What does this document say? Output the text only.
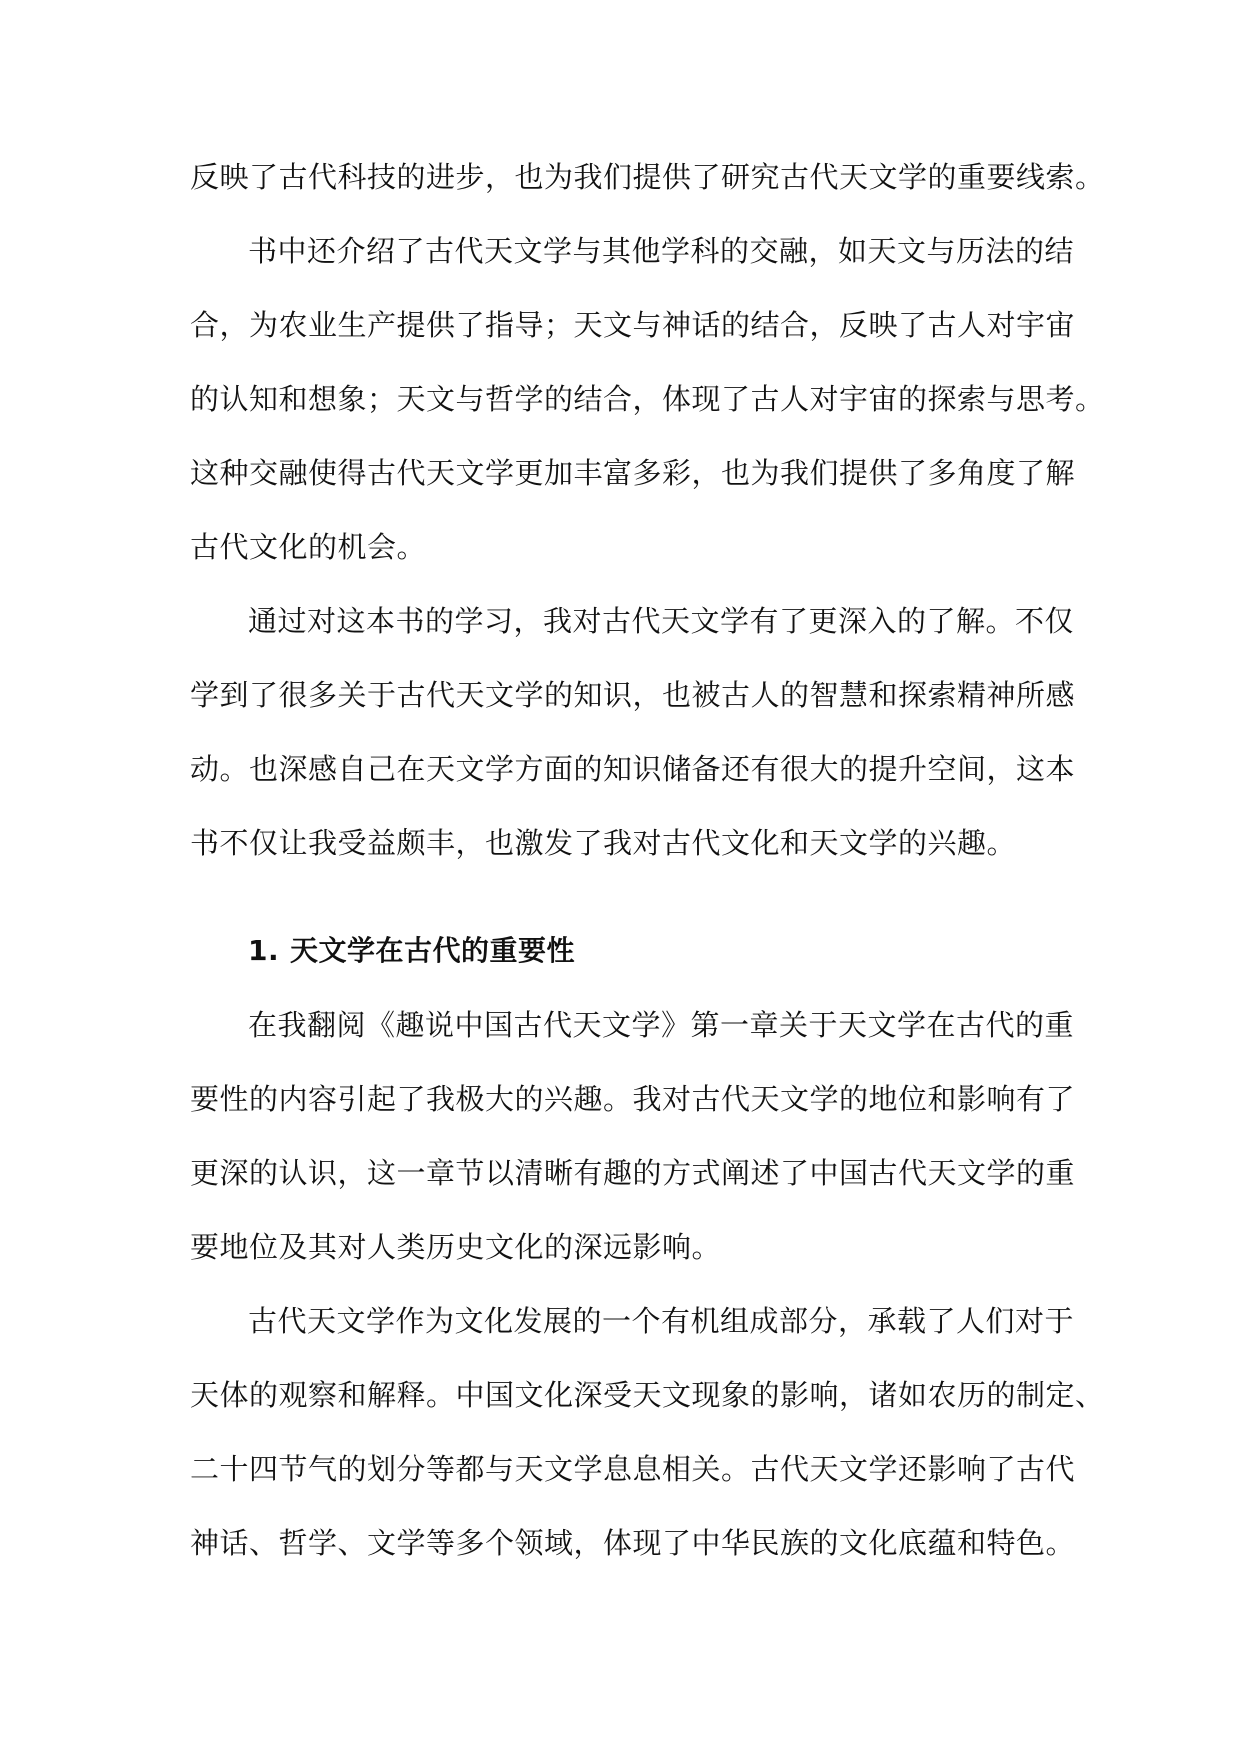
反映了古代科技的进步，也为我们提供了研究古代天文学的重要线索。
书中还介绍了古代天文学与其他学科的交融，如天文与历法的结
合，为农业生产提供了指导；天文与神话的结合，反映了古人对宇宙
的认知和想象；天文与哲学的结合，体现了古人对宇宙的探索与思考。
这种交融使得古代天文学更加丰富多彩，也为我们提供了多角度了解
古代文化的机会。
通过对这本书的学习，我对古代天文学有了更深入的了解。不仅
学到了很多关于古代天文学的知识，也被古人的智慧和探索精神所感
动。也深感自己在天文学方面的知识储备还有很大的提升空间，这本
书不仅让我受益颇丰，也激发了我对古代文化和天文学的兴趣。
1. 天文学在古代的重要性
在我翻阅《趣说中国古代天文学》第一章关于天文学在古代的重
要性的内容引起了我极大的兴趣。我对古代天文学的地位和影响有了
更深的认识，这一章节以清晰有趣的方式阐述了中国古代天文学的重
要地位及其对人类历史文化的深远影响。
古代天文学作为文化发展的一个有机组成部分，承载了人们对于
天体的观察和解释。中国文化深受天文现象的影响，诸如农历的制定、
二十四节气的划分等都与天文学息息相关。古代天文学还影响了古代
神话、哲学、文学等多个领域，体现了中华民族的文化底蕴和特色。
